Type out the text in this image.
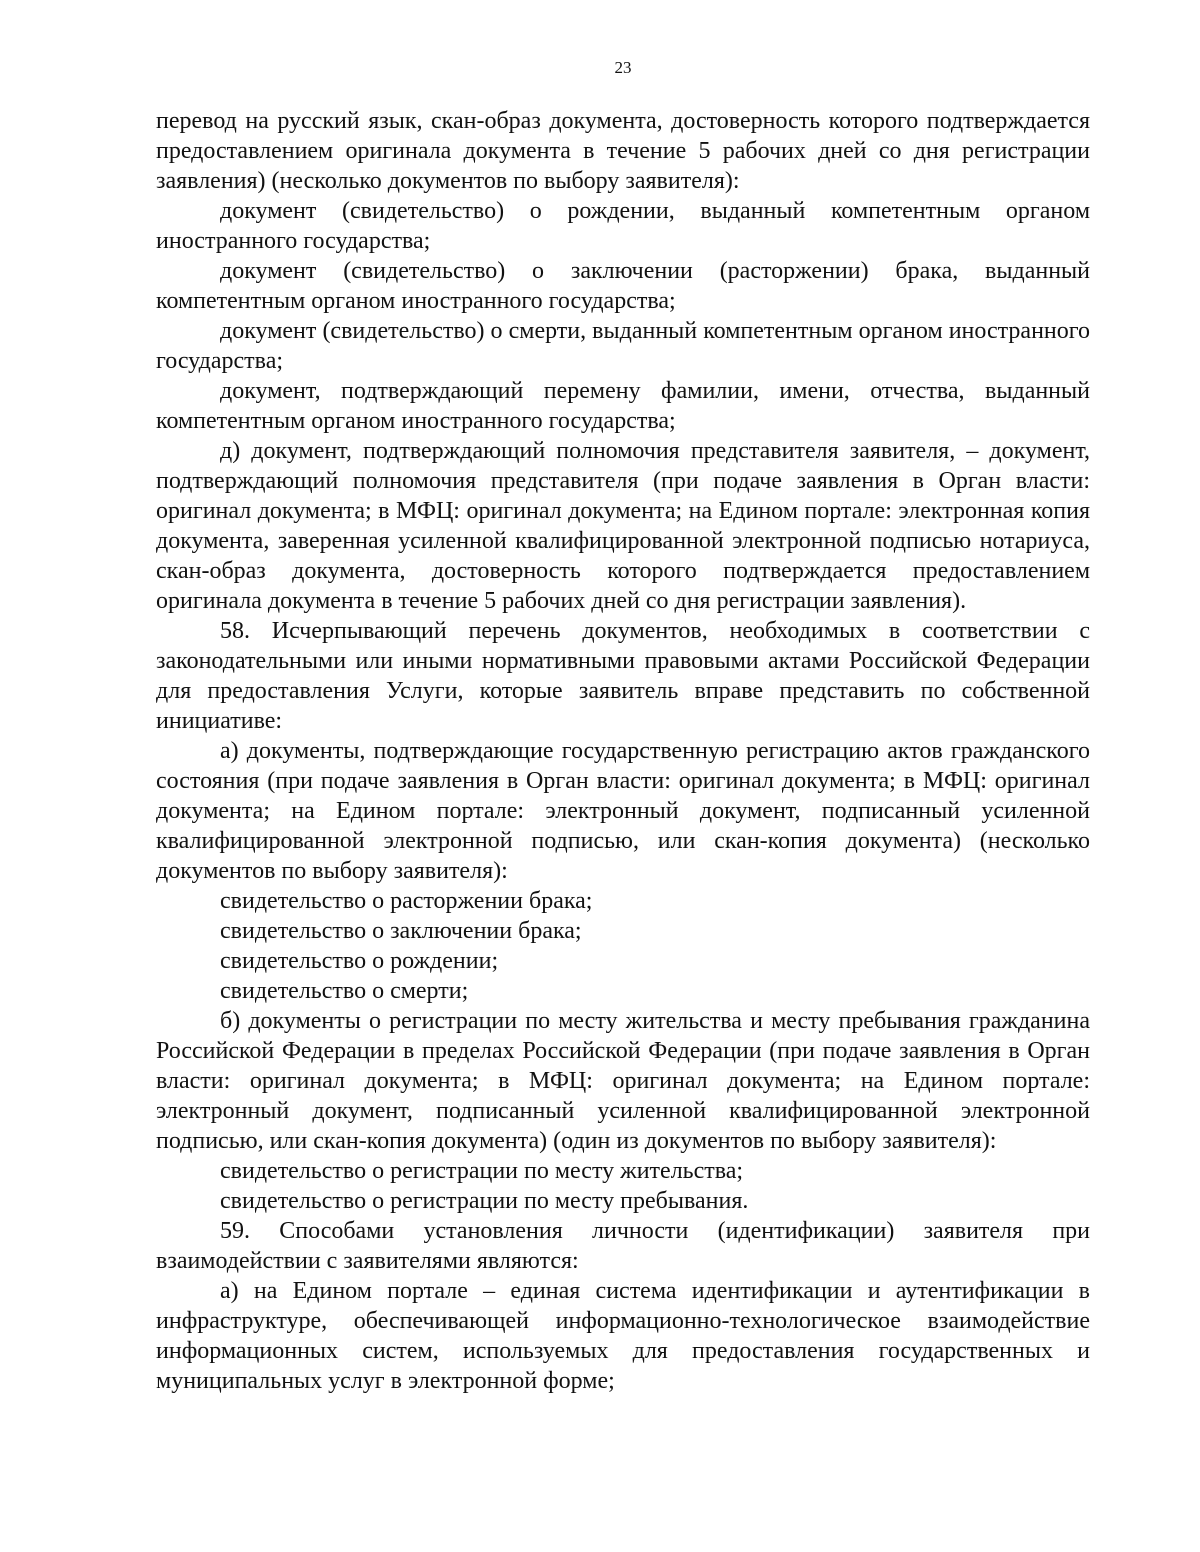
23

перевод на русский язык, скан-образ документа, достоверность которого подтверждается предоставлением оригинала документа в течение 5 рабочих дней со дня регистрации заявления) (несколько документов по выбору заявителя):

документ (свидетельство) о рождении, выданный компетентным органом иностранного государства;

документ (свидетельство) о заключении (расторжении) брака, выданный компетентным органом иностранного государства;

документ (свидетельство) о смерти, выданный компетентным органом иностранного государства;

документ, подтверждающий перемену фамилии, имени, отчества, выданный компетентным органом иностранного государства;

д) документ, подтверждающий полномочия представителя заявителя, – документ, подтверждающий полномочия представителя (при подаче заявления в Орган власти: оригинал документа; в МФЦ: оригинал документа; на Едином портале: электронная копия документа, заверенная усиленной квалифицированной электронной подписью нотариуса, скан-образ документа, достоверность которого подтверждается предоставлением оригинала документа в течение 5 рабочих дней со дня регистрации заявления).

58. Исчерпывающий перечень документов, необходимых в соответствии с законодательными или иными нормативными правовыми актами Российской Федерации для предоставления Услуги, которые заявитель вправе представить по собственной инициативе:

а) документы, подтверждающие государственную регистрацию актов гражданского состояния (при подаче заявления в Орган власти: оригинал документа; в МФЦ: оригинал документа; на Едином портале: электронный документ, подписанный усиленной квалифицированной электронной подписью, или скан-копия документа) (несколько документов по выбору заявителя):

свидетельство о расторжении брака;

свидетельство о заключении брака;

свидетельство о рождении;

свидетельство о смерти;

б) документы о регистрации по месту жительства и месту пребывания гражданина Российской Федерации в пределах Российской Федерации (при подаче заявления в Орган власти: оригинал документа; в МФЦ: оригинал документа; на Едином портале: электронный документ, подписанный усиленной квалифицированной электронной подписью, или скан-копия документа) (один из документов по выбору заявителя):

свидетельство о регистрации по месту жительства;

свидетельство о регистрации по месту пребывания.

59. Способами установления личности (идентификации) заявителя при взаимодействии с заявителями являются:

а) на Едином портале – единая система идентификации и аутентификации в инфраструктуре, обеспечивающей информационно-технологическое взаимодействие информационных систем, используемых для предоставления государственных и муниципальных услуг в электронной форме;
